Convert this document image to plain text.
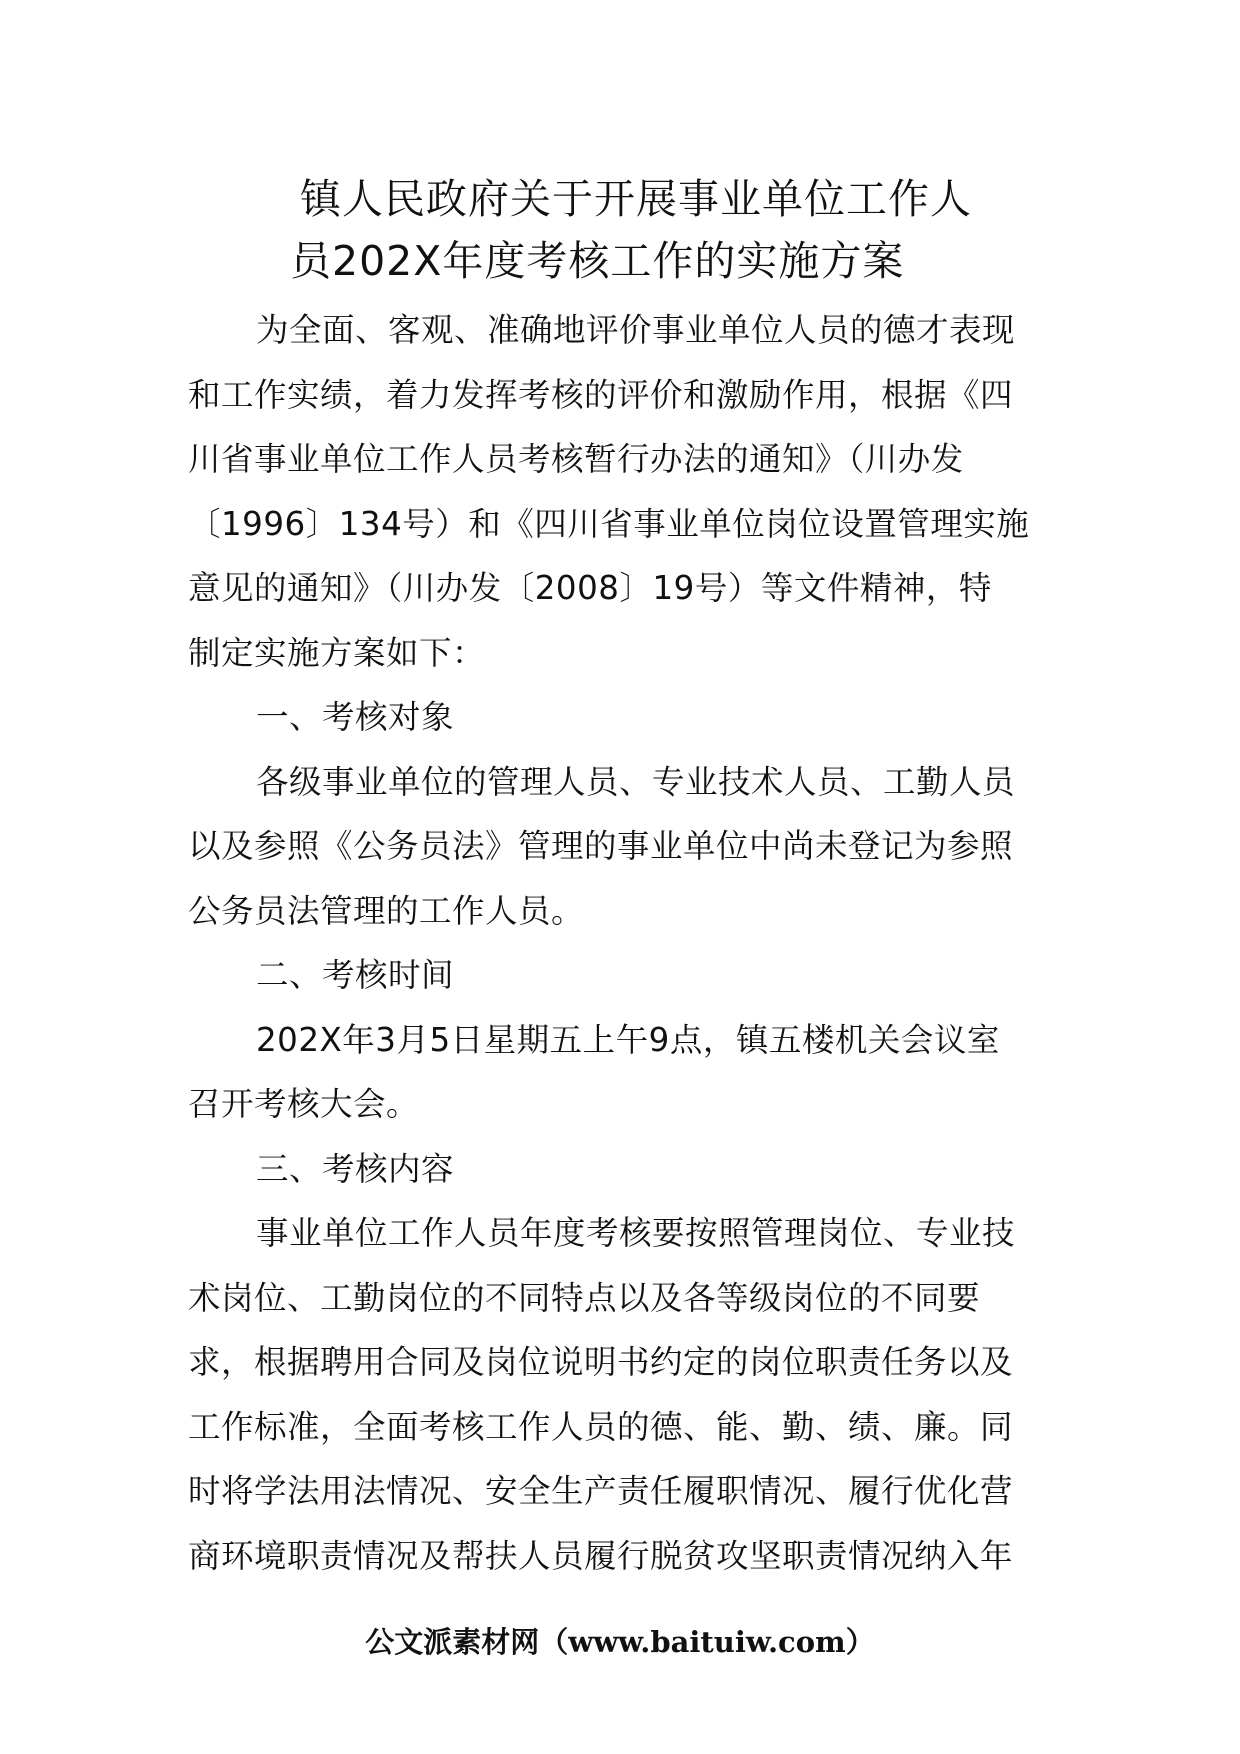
镇人民政府关于开展事业单位工作人
员202X年度考核工作的实施方案
为全面、客观、准确地评价事业单位人员的德才表现
和工作实绩，着力发挥考核的评价和激励作用，根据《四
川省事业单位工作人员考核暂行办法的通知》（川办发
〔1996〕134号）和《四川省事业单位岗位设置管理实施
意见的通知》（川办发〔2008〕19号）等文件精神，特
制定实施方案如下：
一、考核对象
各级事业单位的管理人员、专业技术人员、工勤人员
以及参照《公务员法》管理的事业单位中尚未登记为参照
公务员法管理的工作人员。
二、考核时间
202X年3月5日星期五上午9点，镇五楼机关会议室
召开考核大会。
三、考核内容
事业单位工作人员年度考核要按照管理岗位、专业技
术岗位、工勤岗位的不同特点以及各等级岗位的不同要
求，根据聘用合同及岗位说明书约定的岗位职责任务以及
工作标准，全面考核工作人员的德、能、勤、绩、廉。同
时将学法用法情况、安全生产责任履职情况、履行优化营
商环境职责情况及帮扶人员履行脱贫攻坚职责情况纳入年
公文派素材网（www.baituiw.com）
